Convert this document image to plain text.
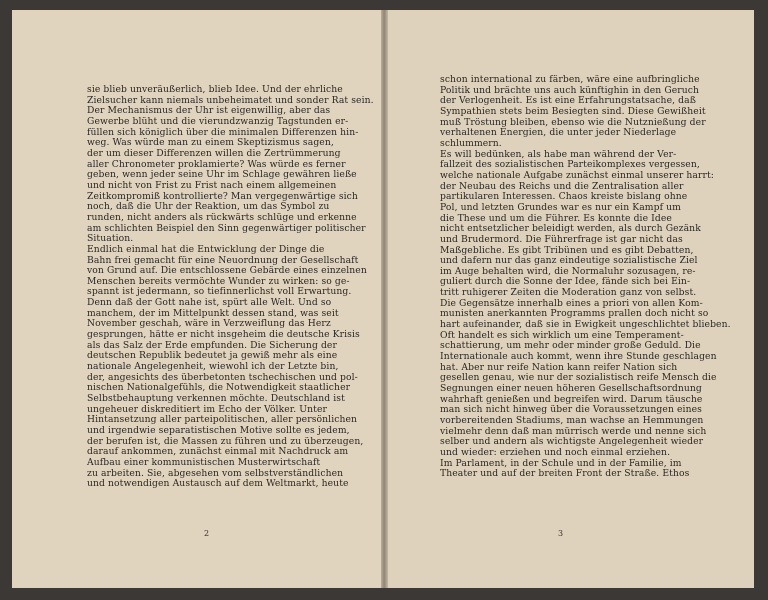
sie blieb unveräußerlich, blieb Idee. Und der ehrliche
Zielsucher kann niemals unbeheimatet und sonder Rat sein.
Der Mechanismus der Uhr ist eigenwillig, aber das
Gewerbe blüht und die vierundzwanzig Tagstunden er-
füllen sich königlich über die minimalen Differenzen hin-
weg. Was würde man zu einem Skeptizismus sagen,
der um dieser Differenzen willen die Zertrümmerung
aller Chronometer proklamierte? Was würde es ferner
geben, wenn jeder seine Uhr im Schlage gewähren ließe
und nicht von Frist zu Frist nach einem allgemeinen
Zeitkompromiß kontrollierte? Man vergegenwärtige sich
noch, daß die Uhr der Reaktion, um das Symbol zu
runden, nicht anders als rückwärts schlüge und erkenne
am schlichten Beispiel den Sinn gegenwärtiger politischer
Situation.
Endlich einmal hat die Entwicklung der Dinge die
Bahn frei gemacht für eine Neuordnung der Gesellschaft
von Grund auf. Die entschlossene Gebärde eines einzelnen
Menschen bereits vermöchte Wunder zu wirken: so ge-
spannt ist jedermann, so tiefinnerlichst voll Erwartung.
Denn daß der Gott nahe ist, spürt alle Welt. Und so
manchem, der im Mittelpunkt dessen stand, was seit
November geschah, wäre in Verzweiflung das Herz
gesprungen, hätte er nicht insgeheim die deutsche Krisis
als das Salz der Erde empfunden. Die Sicherung der
deutschen Republik bedeutet ja gewiß mehr als eine
nationale Angelegenheit, wiewohl ich der Letzte bin,
der, angesichts des überbetonten tschechischen und pol-
nischen Nationalgefühls, die Notwendigkeit staatlicher
Selbstbehauptung verkennen möchte. Deutschland ist
ungeheuer diskreditiert im Echo der Völker. Unter
Hintansetzung aller parteipolitischen, aller persönlichen
und irgendwie separatistischen Motive sollte es jedem,
der berufen ist, die Massen zu führen und zu überzeugen,
darauf ankommen, zunächst einmal mit Nachdruck am
Aufbau einer kommunistischen Musterwirtschaft
zu arbeiten. Sie, abgesehen vom selbstverständlichen
und notwendigen Austausch auf dem Weltmarkt, heute
2
schon international zu färben, wäre eine aufbringliche
Politik und brächte uns auch künftighin in den Geruch
der Verlogenheit. Es ist eine Erfahrungstatsache, daß
Sympathien stets beim Besiegten sind. Diese Gewißheit
muß Tröstung bleiben, ebenso wie die Nutznießung der
verhaltenen Energien, die unter jeder Niederlage
schlummern.
Es will bedünken, als habe man während der Ver-
fallzeit des sozialistischen Parteikomplexes vergessen,
welche nationale Aufgabe zunächst einmal unserer harrt:
der Neubau des Reichs und die Zentralisation aller
partikularen Interessen. Chaos kreiste bislang ohne
Pol, und letzten Grundes war es nur ein Kampf um
die These und um die Führer. Es konnte die Idee
nicht entsetzlicher beleidigt werden, als durch Gezänk
und Brudermord. Die Führerfrage ist gar nicht das
Maßgebliche. Es gibt Tribünen und es gibt Debatten,
und dafern nur das ganz eindeutige sozialistische Ziel
im Auge behalten wird, die Normaluhr sozusagen, re-
guliert durch die Sonne der Idee, fände sich bei Ein-
tritt ruhigerer Zeiten die Moderation ganz von selbst.
Die Gegensätze innerhalb eines a priori von allen Kom-
munisten anerkannten Programms prallen doch nicht so
hart aufeinander, daß sie in Ewigkeit ungeschlichtet blieben.
Oft handelt es sich wirklich um eine Temperament-
schattierung, um mehr oder minder große Geduld. Die
Internationale auch kommt, wenn ihre Stunde geschlagen
hat. Aber nur reife Nation kann reifer Nation sich
gesellen genau, wie nur der sozialistisch reife Mensch die
Segnungen einer neuen höheren Gesellschaftsordnung
wahrhaft genießen und begreifen wird. Darum täusche
man sich nicht hinweg über die Voraussetzungen eines
vorbereitenden Stadiums, man wachse an Hemmungen
vielmehr denn daß man mürrisch werde und nenne sich
selber und andern als wichtigste Angelegenheit wieder
und wieder: erziehen und noch einmal erziehen.
Im Parlament, in der Schule und in der Familie, im
Theater und auf der breiten Front der Straße. Ethos
3
